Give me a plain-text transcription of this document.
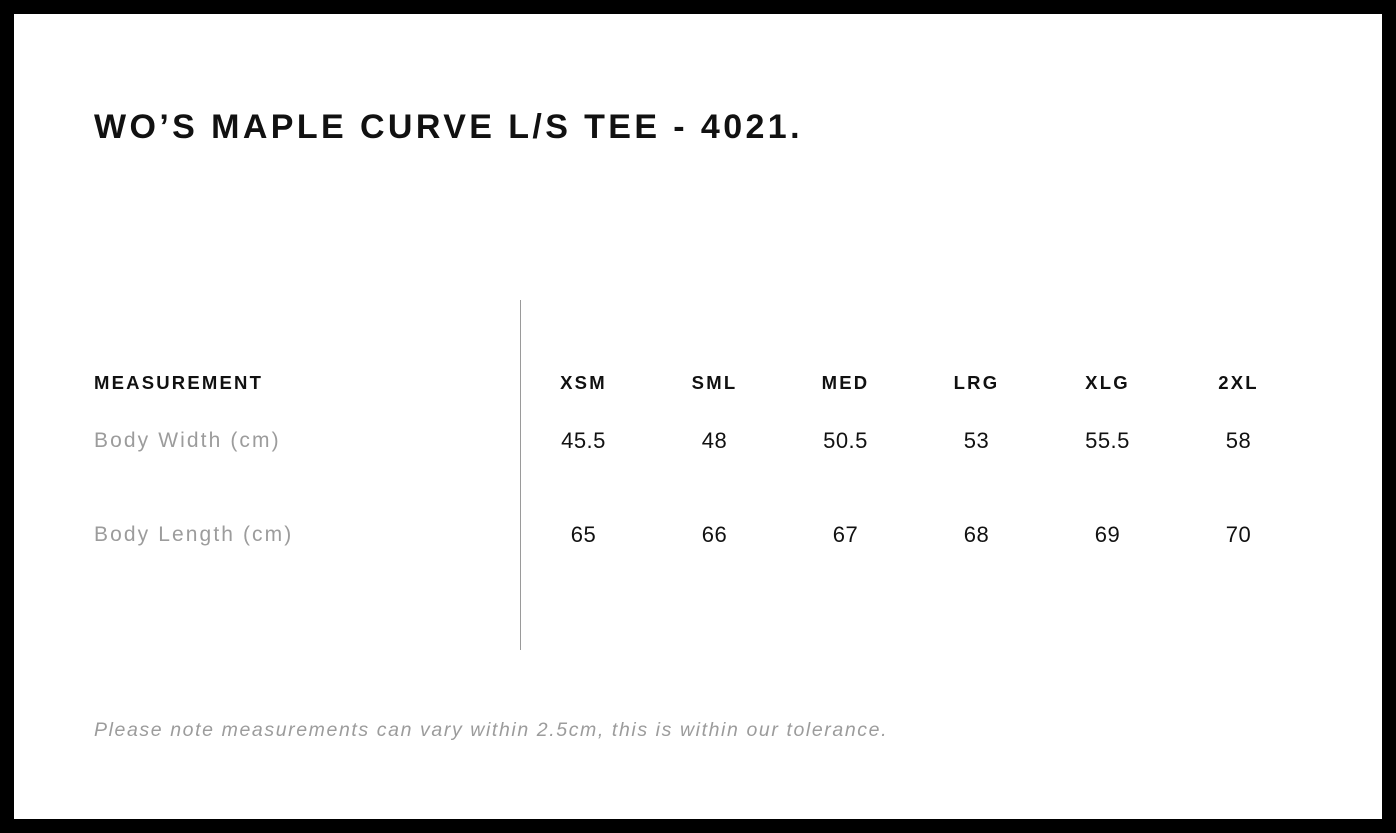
WO’S MAPLE CURVE L/S TEE - 4021.
MEASUREMENT	XSM	SML	MED	LRG	XLG	2XL
Body Width (cm)	45.5	48	50.5	53	55.5	58
Body Length (cm)	65	66	67	68	69	70
Please note measurements can vary within 2.5cm, this is within our tolerance.
